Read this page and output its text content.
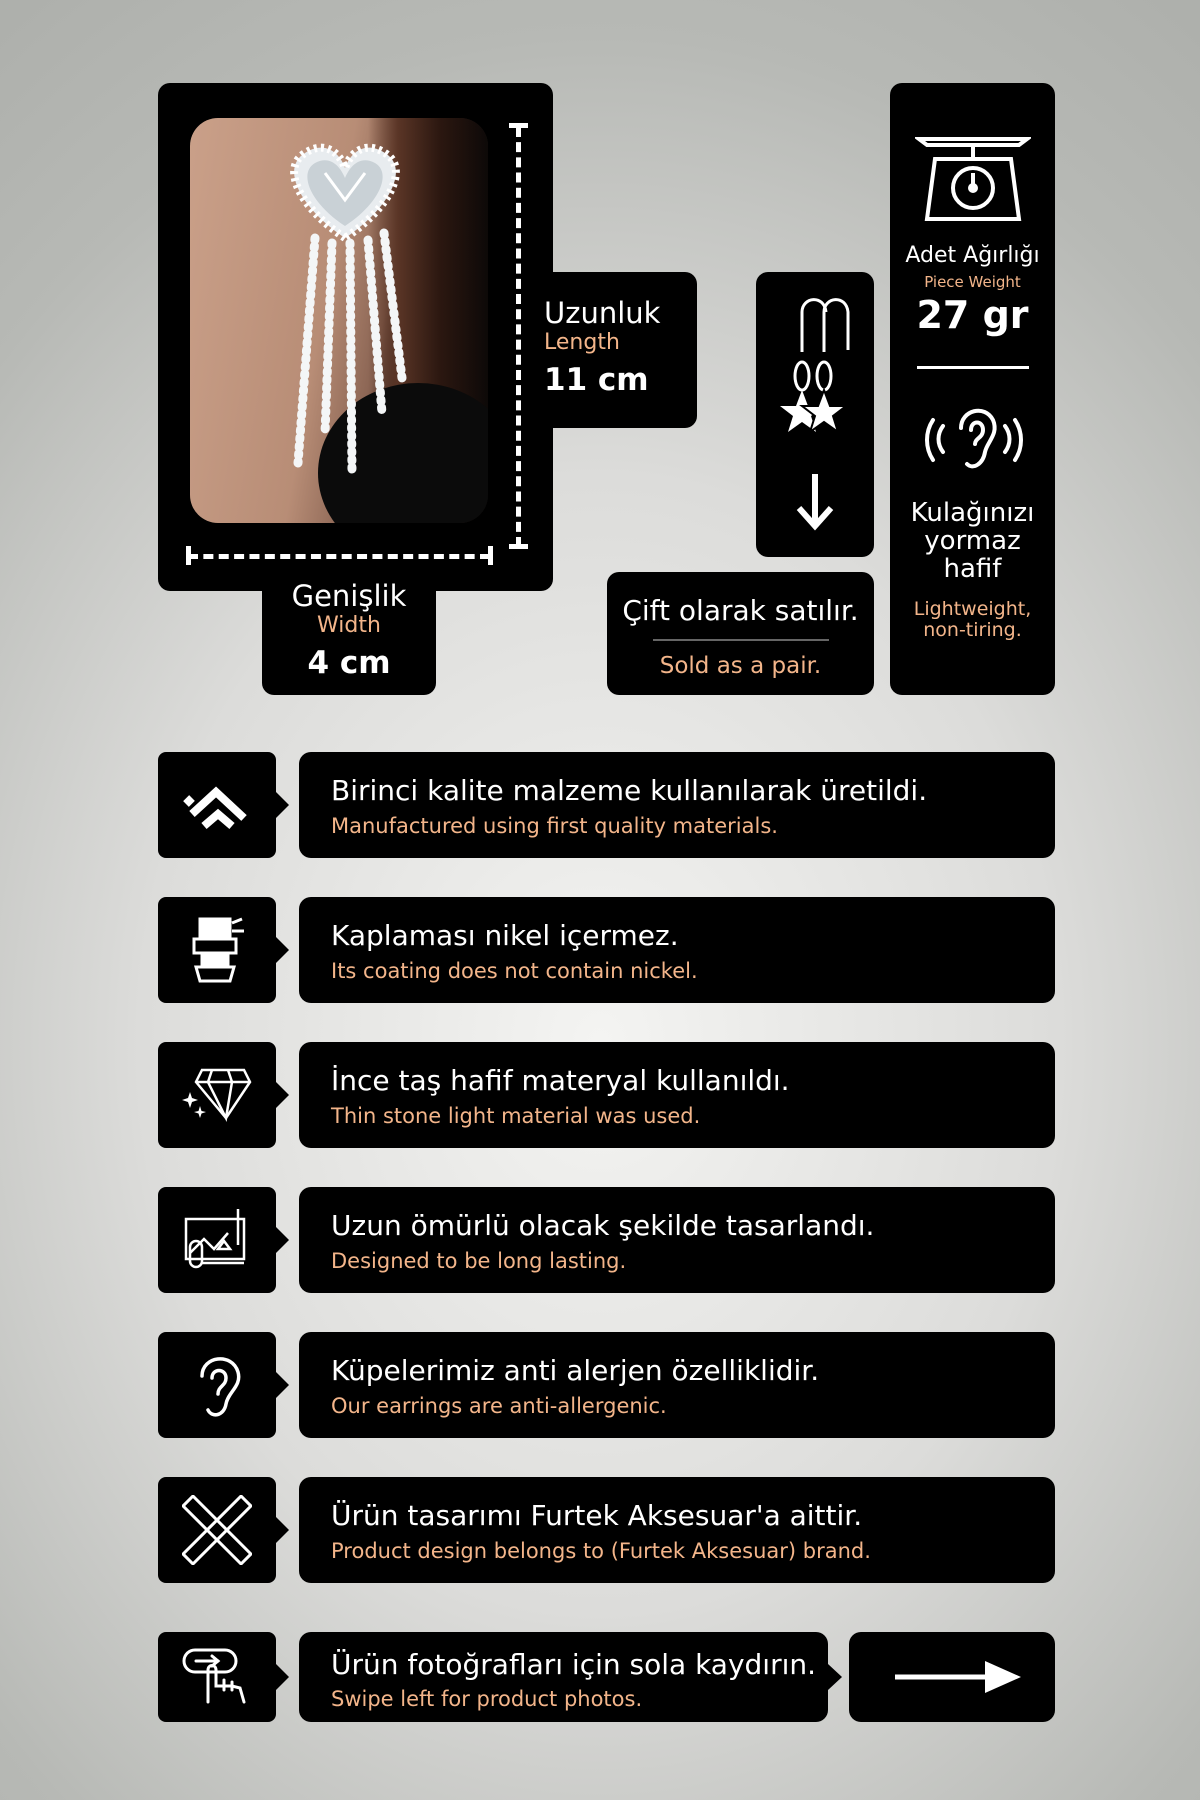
Uzunluk
Length
11 cm
Genişlik
Width
4 cm
Çift olarak satılır.
Sold as a pair.
Adet Ağırlığı
Piece Weight
27 gr
Kulağınızı
yormaz
hafif
Lightweight,
non-tiring.
Birinci kalite malzeme kullanılarak üretildi.
Manufactured using first quality materials.
Kaplaması nikel içermez.
Its coating does not contain nickel.
İnce taş hafif materyal kullanıldı.
Thin stone light material was used.
Uzun ömürlü olacak şekilde tasarlandı.
Designed to be long lasting.
Küpelerimiz anti alerjen özelliklidir.
Our earrings are anti-allergenic.
Ürün tasarımı Furtek Aksesuar'a aittir.
Product design belongs to (Furtek Aksesuar) brand.
Ürün fotoğrafları için sola kaydırın.
Swipe left for product photos.
